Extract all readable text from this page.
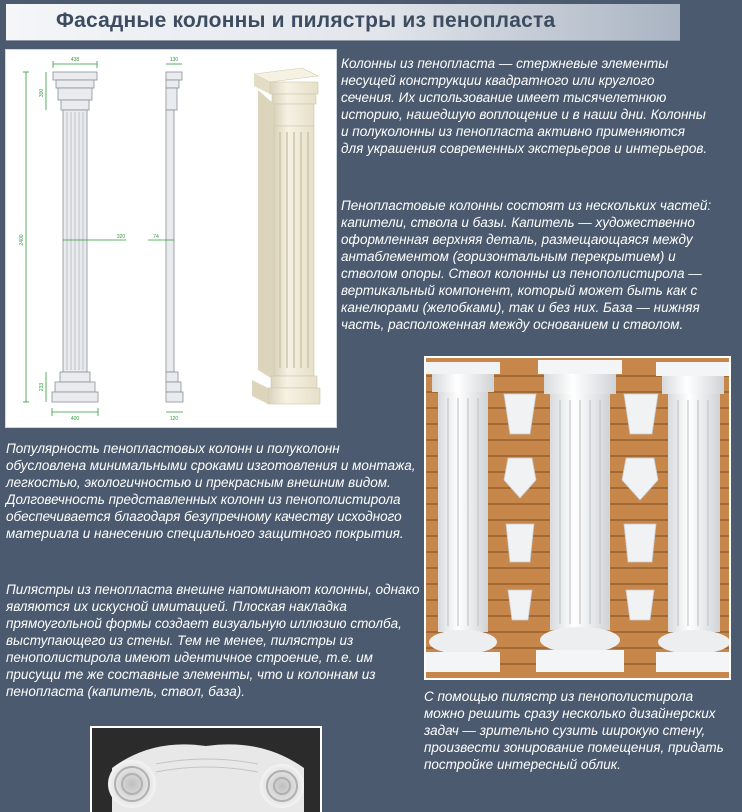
Фасадные колонны и пилястры из пенопласта
438
300
2400	320
233
400
130
74
120

Колонны из пенопласта — стержневые элементы несущей конструкции квадратного или круглого сечения. Их использование имеет тысячелетнюю историю, нашедшую воплощение и в наши дни. Колонны и полуколонны из пенопласта активно применяются для украшения современных экстерьеров и интерьеров.

Пенопластовые колонны состоят из нескольких частей: капители, ствола и базы. Капитель — художественно оформленная верхняя деталь, размещающаяся между антаблементом (горизонтальным перекрытием) и стволом опоры. Ствол колонны из пенополистирола — вертикальный компонент, который может быть как с канелюрами (желобками), так и без них. База — нижняя часть, расположенная между основанием и стволом.

Популярность пенопластовых колонн и полуколонн обусловлена минимальными сроками изготовления и монтажа, легкостью, экологичностью и прекрасным внешним видом. Долговечность представленных колонн из пенополистирола обеспечивается благодаря безупречному качеству исходного материала и нанесению специального защитного покрытия.

Пилястры из пенопласта внешне напоминают колонны, однако являются их искусной имитацией. Плоская накладка прямоугольной формы создает визуальную иллюзию столба, выступающего из стены. Тем не менее, пилястры из пенополистирола имеют идентичное строение, т.е. им присущи те же составные элементы, что и колоннам из пенопласта (капитель, ствол, база).	С помощью пилястр из пенополистирола можно решить сразу несколько дизайнерских задач — зрительно сузить широкую стену, произвести зонирование помещения, придать постройке интересный облик.
